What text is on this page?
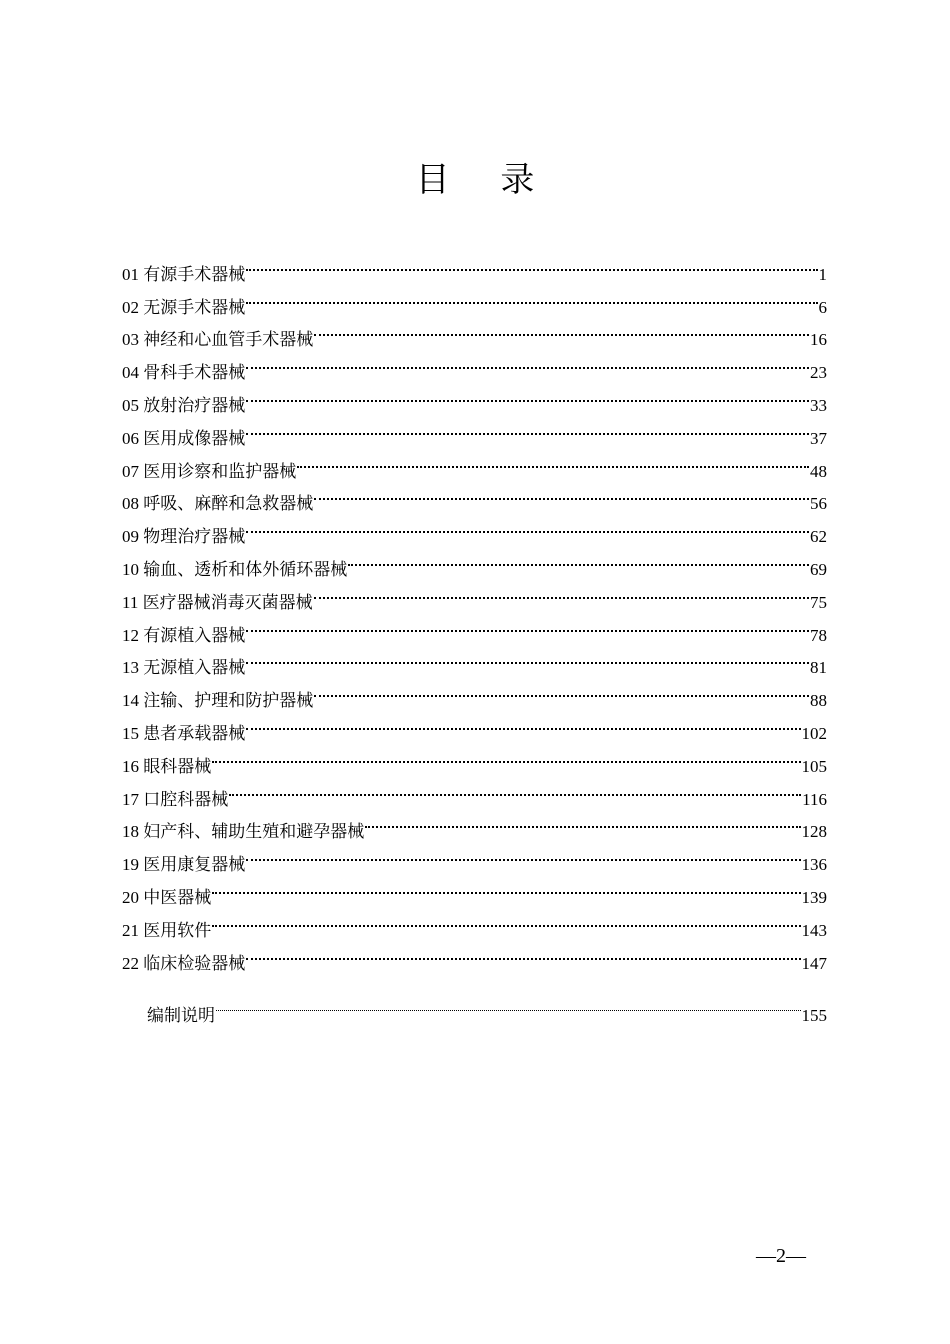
目 录
01 有源手术器械	1
02 无源手术器械	6
03 神经和心血管手术器械	16
04 骨科手术器械	23
05 放射治疗器械	33
06 医用成像器械	37
07 医用诊察和监护器械	48
08 呼吸、麻醉和急救器械	56
09 物理治疗器械	62
10 输血、透析和体外循环器械	69
11 医疗器械消毒灭菌器械	75
12 有源植入器械	78
13 无源植入器械	81
14 注输、护理和防护器械	88
15 患者承载器械	102
16 眼科器械	105
17 口腔科器械	116
18 妇产科、辅助生殖和避孕器械	128
19 医用康复器械	136
20 中医器械	139
21 医用软件	143
22 临床检验器械	147
编制说明	155
—2—
